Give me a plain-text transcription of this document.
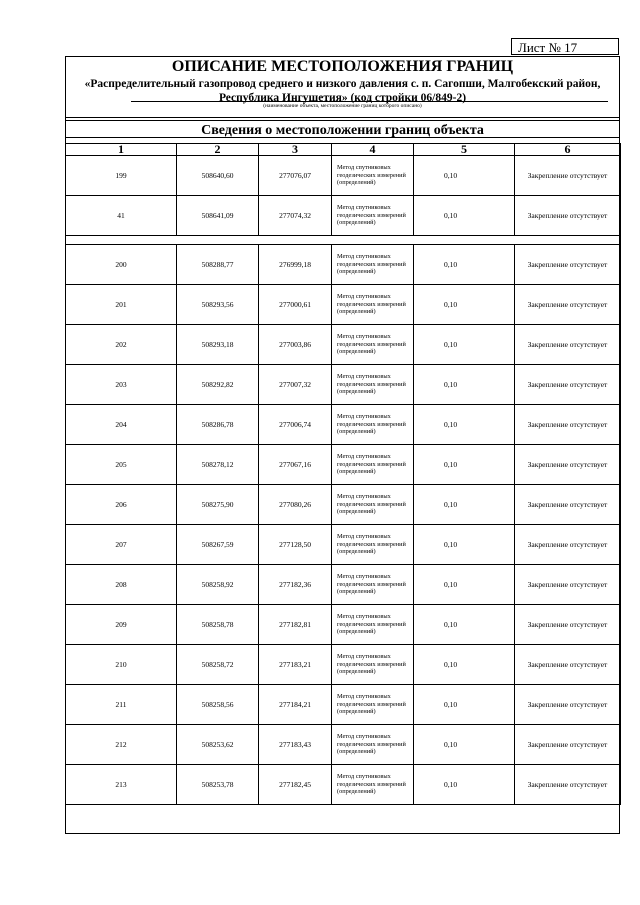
Лист № 17
ОПИСАНИЕ МЕСТОПОЛОЖЕНИЯ ГРАНИЦ
«Распределительный газопровод среднего и низкого давления с. п. Сагопши, Малгобекский район, Республика Ингушетия» (код стройки 06/849-2)
(наименование объекта, местоположение границ которого описано)
Сведения о местоположении границ объекта
1	2	3	4	5	6
199	508640,60	277076,07	Метод спутниковых геодезических измерений (определений)	0,10	Закрепление отсутствует
41	508641,09	277074,32	Метод спутниковых геодезических измерений (определений)	0,10	Закрепление отсутствует

200	508288,77	276999,18	Метод спутниковых геодезических измерений (определений)	0,10	Закрепление отсутствует
201	508293,56	277000,61	Метод спутниковых геодезических измерений (определений)	0,10	Закрепление отсутствует
202	508293,18	277003,86	Метод спутниковых геодезических измерений (определений)	0,10	Закрепление отсутствует
203	508292,82	277007,32	Метод спутниковых геодезических измерений (определений)	0,10	Закрепление отсутствует
204	508286,78	277006,74	Метод спутниковых геодезических измерений (определений)	0,10	Закрепление отсутствует
205	508278,12	277067,16	Метод спутниковых геодезических измерений (определений)	0,10	Закрепление отсутствует
206	508275,90	277080,26	Метод спутниковых геодезических измерений (определений)	0,10	Закрепление отсутствует
207	508267,59	277128,50	Метод спутниковых геодезических измерений (определений)	0,10	Закрепление отсутствует
208	508258,92	277182,36	Метод спутниковых геодезических измерений (определений)	0,10	Закрепление отсутствует
209	508258,78	277182,81	Метод спутниковых геодезических измерений (определений)	0,10	Закрепление отсутствует
210	508258,72	277183,21	Метод спутниковых геодезических измерений (определений)	0,10	Закрепление отсутствует
211	508258,56	277184,21	Метод спутниковых геодезических измерений (определений)	0,10	Закрепление отсутствует
212	508253,62	277183,43	Метод спутниковых геодезических измерений (определений)	0,10	Закрепление отсутствует
213	508253,78	277182,45	Метод спутниковых геодезических измерений (определений)	0,10	Закрепление отсутствует
